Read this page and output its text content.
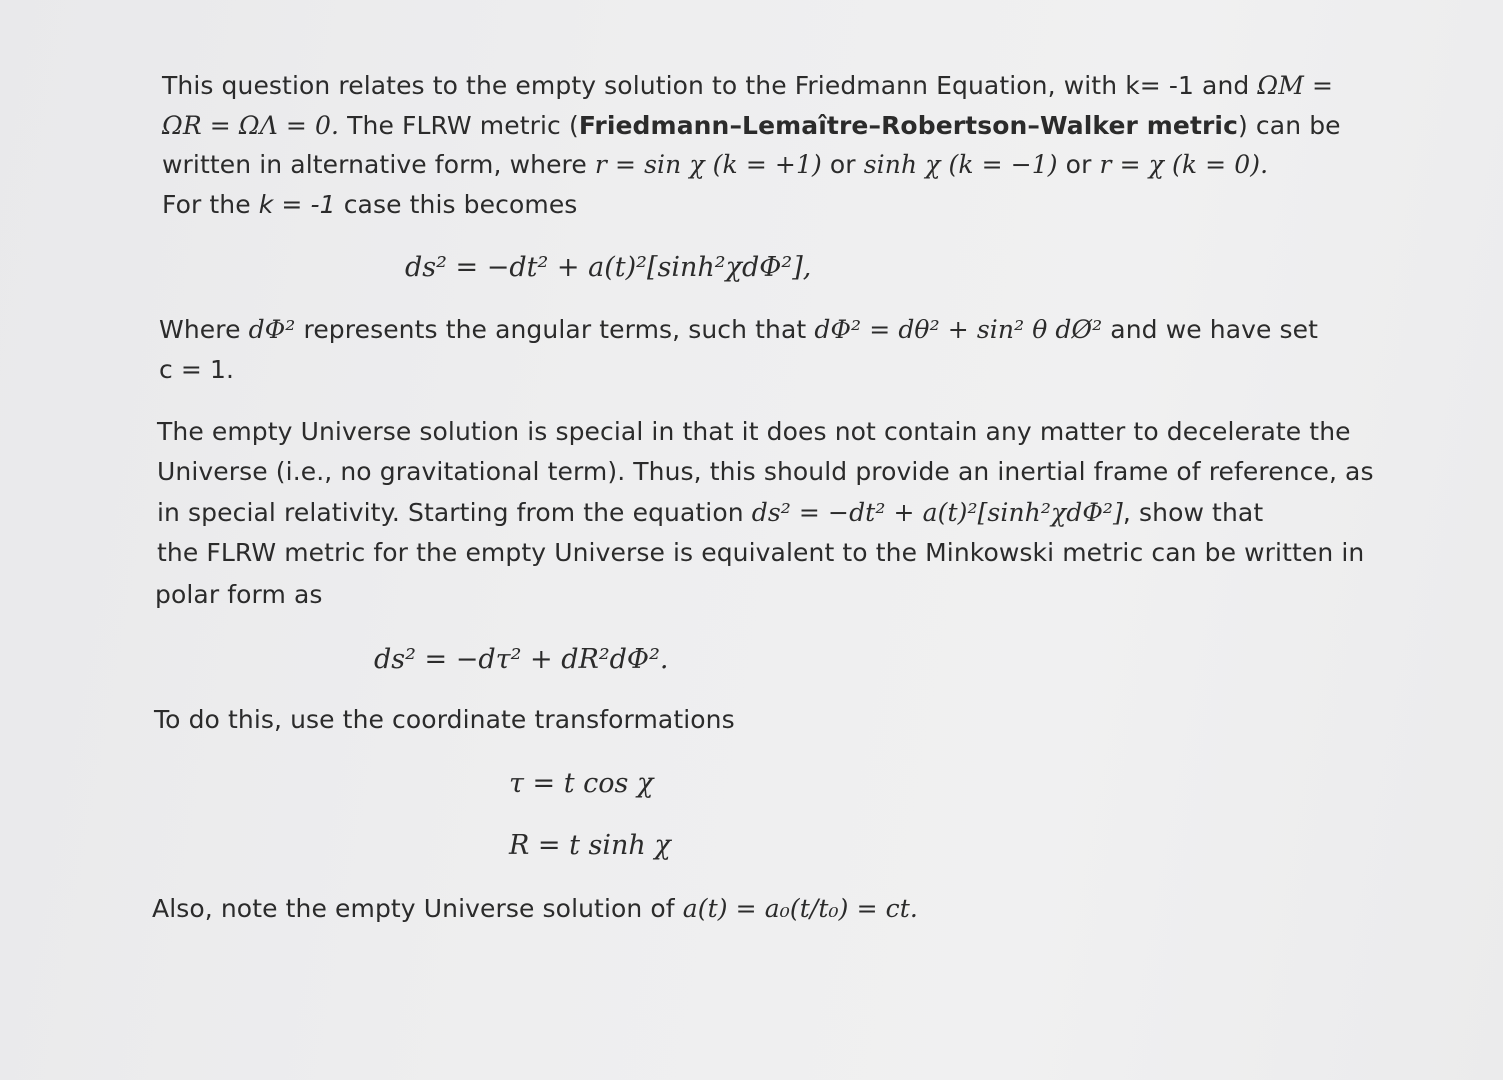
This question relates to the empty solution to the Friedmann Equation, with k= -1 and ΩM =
ΩR = ΩΛ = 0. The FLRW metric (Friedmann–Lemaître–Robertson–Walker metric) can be
written in alternative form, where r = sin χ (k = +1) or sinh χ (k = −1) or r = χ (k = 0).
For the k = -1 case this becomes
ds² = −dt² + a(t)²[sinh²χdΦ²],
Where dΦ² represents the angular terms, such that dΦ² = dθ² + sin² θ dØ² and we have set
c = 1.
The empty Universe solution is special in that it does not contain any matter to decelerate the
Universe (i.e., no gravitational term). Thus, this should provide an inertial frame of reference, as
in special relativity. Starting from the equation ds² = −dt² + a(t)²[sinh²χdΦ²], show that
the FLRW metric for the empty Universe is equivalent to the Minkowski metric can be written in
polar form as
ds² = −dτ² + dR²dΦ².
To do this, use the coordinate transformations
τ = t cos χ
R = t sinh χ
Also, note the empty Universe solution of a(t) = a₀(t/t₀) = ct.
